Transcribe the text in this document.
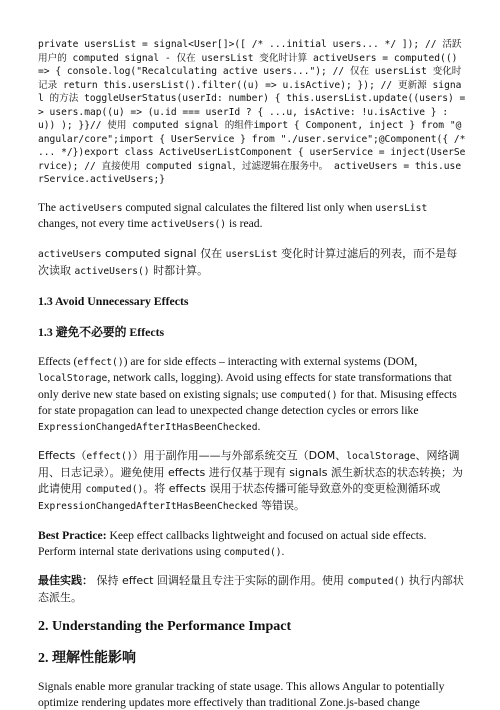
private usersList = signal<User[]>([ /* ...initial users... */ ]); // 活跃用户的 computed signal - 仅在 usersList 变化时计算 activeUsers = computed(() => { console.log("Recalculating active users..."); // 仅在 usersList 变化时记录 return this.usersList().filter((u) => u.isActive); }); // 更新源 signal 的方法 toggleUserStatus(userId: number) { this.usersList.update((users) => users.map((u) => (u.id === userId ? { ...u, isActive: !u.isActive } : u)) ); }}// 使用 computed signal 的组件import { Component, inject } from "@angular/core";import { UserService } from "./user.service";@Component({ /* ... */})export class ActiveUserListComponent { userService = inject(UserService); // 直接使用 computed signal，过滤逻辑在服务中。 activeUsers = this.userService.activeUsers;}

The activeUsers computed signal calculates the filtered list only when usersList changes, not every time activeUsers() is read.

activeUsers computed signal 仅在 usersList 变化时计算过滤后的列表，而不是每次读取 activeUsers() 时都计算。

1.3 Avoid Unnecessary Effects

1.3 避免不必要的 Effects

Effects (effect()) are for side effects – interacting with external systems (DOM, localStorage, network calls, logging). Avoid using effects for state transformations that only derive new state based on existing signals; use computed() for that. Misusing effects for state propagation can lead to unexpected change detection cycles or errors like ExpressionChangedAfterItHasBeenChecked.

Effects（effect()）用于副作用——与外部系统交互（DOM、localStorage、网络调用、日志记录）。避免使用 effects 进行仅基于现有 signals 派生新状态的状态转换；为此请使用 computed()。将 effects 误用于状态传播可能导致意外的变更检测循环或 ExpressionChangedAfterItHasBeenChecked 等错误。

Best Practice: Keep effect callbacks lightweight and focused on actual side effects. Perform internal state derivations using computed().

最佳实践： 保持 effect 回调轻量且专注于实际的副作用。使用 computed() 执行内部状态派生。

2. Understanding the Performance Impact

2. 理解性能影响

Signals enable more granular tracking of state usage. This allows Angular to potentially optimize rendering updates more effectively than traditional Zone.js-based change
